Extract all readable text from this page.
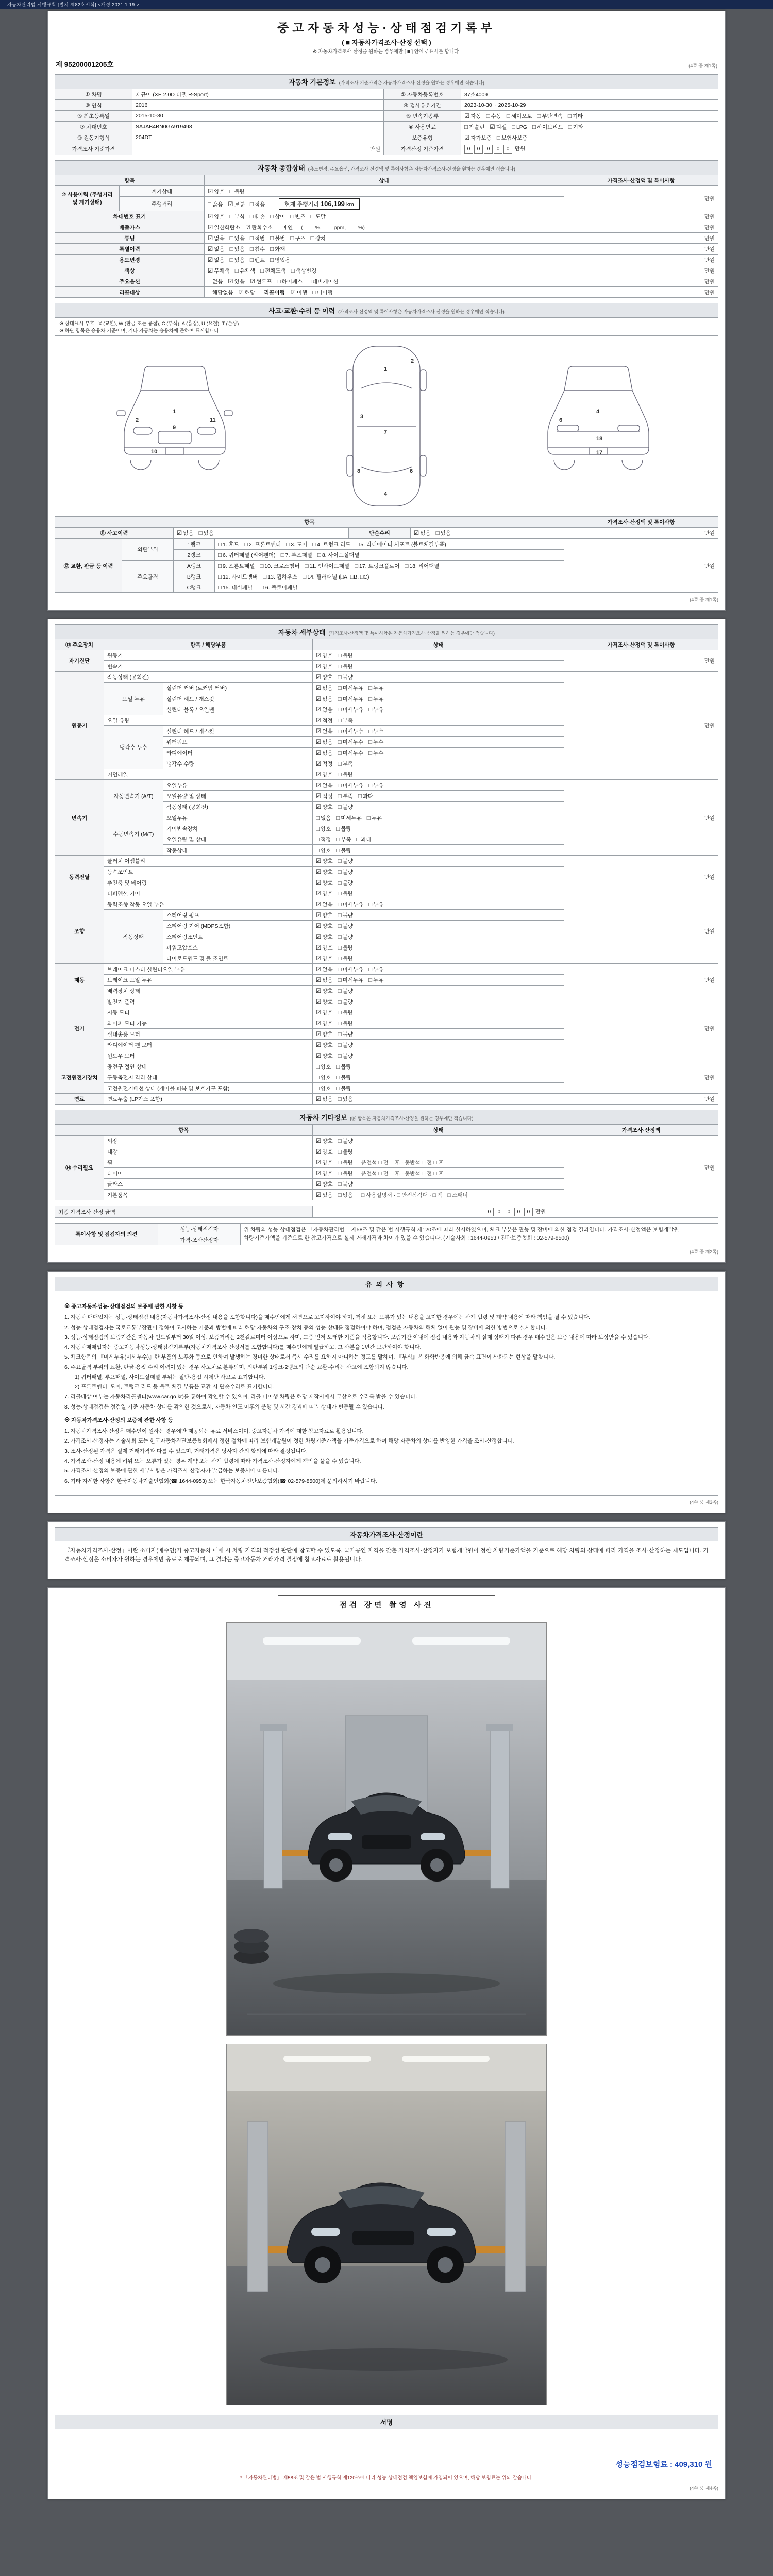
자동차관리법 시행규칙 [별지 제82호서식] <개정 2021.1.19.>
중고자동차성능·상태점검기록부
( ■ 자동차가격조사·산정 선택 )
※ 자동차가격조사·산정을 원하는 경우에만 [ ■ ] 안에 √ 표시를 합니다.
제 95200001205호	(4쪽 중 제1쪽)
자동차 기본정보 (가격조사 기준가격은 자동차가격조사·산정을 원하는 경우에만 적습니다)
① 차명	재규어 (XE 2.0D 디젤 R-Sport)	② 자동차등록번호	37소4009
③ 연식	2016	④ 검사유효기간	2023-10-30 ~ 2025-10-29
⑤ 최초등록일	2015-10-30	⑥ 변속기종류	☑ 자동 □ 수동 □ 세미오토 □ 무단변속 □ 기타
⑦ 차대번호	SAJAB4BN0GA919498	⑧ 사용연료	□ 가솔린 ☑ 디젤 □ LPG □ 하이브리드 □ 기타
⑨ 원동기형식	204DT	보증유형	☑ 자가보증 □ 보험사보증
가격조사 기준가격	만원	가격산정 기준가격	0 0 0 0 0 만원
자동차 종합상태 (용도변경, 주요옵션, 가격조사·산정액 및 특이사항은 자동차가격조사·산정을 원하는 경우에만 적습니다)
항목		상태	가격조사·산정액 및 특이사항
⑩ 사용이력 (주행거리 및 계기상태)	계기상태	☑ 양호 □ 불량	만원
	주행거리	□ 많음 ☑ 보통 □ 적음 현재 주행거리 106,199 km	
차대번호 표기		☑ 양호 □ 부식 □ 훼손 □ 상이 □ 변조 □ 도말	만원
배출가스		☑ 일산화탄소 ☑ 탄화수소 □ 매연 (　　 %,　　 ppm,　　 %)	만원
튜닝		☑ 없음 □ 있음 □ 적법 □ 불법 □ 구조 □ 장치	만원
특별이력		☑ 없음 □ 있음 □ 침수 □ 화재	만원
용도변경		☑ 없음 □ 있음 □ 렌트 □ 영업용	만원
색상		☑ 무채색 □ 유채색 □ 전체도색 □ 색상변경	만원
주요옵션		□ 없음 ☑ 있음 ☑ 썬루프 □ 하이패스 □ 네비게이션	만원
리콜대상		□ 해당없음 ☑ 해당 리콜이행 ☑ 이행 □ 미이행	만원
사고·교환·수리 등 이력 (가격조사·산정액 및 특이사항은 자동차가격조사·산정을 원하는 경우에만 적습니다)
※ 상태표시 부호 : X (교환), W (판금 또는 용접), C (부식), A (흠집), U (요철), T (손상)
※ 하단 항목은 승용차 기준이며, 기타 자동차는 승용차에 준하여 표시합니다.
1
2
9
10
11
1
2
3
7
6
8
4
4
6
18
17
항목				가격조사·산정액 및 특이사항
⑪ 사고이력	☑ 없음 □ 있음	단순수리	☑ 없음 □ 있음	만원
⑫ 교환, 판금 등 이력	외판부위	1랭크	□ 1. 후드 □ 2. 프론트펜더 □ 3. 도어 □ 4. 트렁크 리드 □ 5. 라디에이터 서포트 (볼트체결부품)	만원
		2랭크	□ 6. 쿼터패널 (리어펜더) □ 7. 루프패널 □ 8. 사이드실패널	
	주요골격	A랭크	□ 9. 프론트패널 □ 10. 크로스멤버 □ 11. 인사이드패널 □ 17. 트렁크플로어 □ 18. 리어패널	
		B랭크	□ 12. 사이드멤버 □ 13. 휠하우스 □ 14. 필러패널 (□A, □B, □C)	
		C랭크	□ 15. 대쉬패널 □ 16. 플로어패널	
(4쪽 중 제1쪽)
자동차 세부상태 (가격조사·산정액 및 특이사항은 자동차가격조사·산정을 원하는 경우에만 적습니다)
⑬ 주요장치	항목 / 해당부품		상태	가격조사·산정액 및 특이사항
자기진단	원동기		☑ 양호 □ 불량	만원
	변속기		☑ 양호 □ 불량	
원동기	작동상태 (공회전)		☑ 양호 □ 불량	만원
	오일 누유	실린더 커버 (로커암 커버)	☑ 없음 □ 미세누유 □ 누유	
		실린더 헤드 / 개스킷	☑ 없음 □ 미세누유 □ 누유	
		실린더 블록 / 오일팬	☑ 없음 □ 미세누유 □ 누유	
	오일 유량		☑ 적정 □ 부족	
	냉각수 누수	실린더 헤드 / 개스킷	☑ 없음 □ 미세누수 □ 누수	
		워터펌프	☑ 없음 □ 미세누수 □ 누수	
		라디에이터	☑ 없음 □ 미세누수 □ 누수	
		냉각수 수량	☑ 적정 □ 부족	
	커먼레일		☑ 양호 □ 불량	
변속기	자동변속기 (A/T)	오일누유	☑ 없음 □ 미세누유 □ 누유	만원
		오일유량 및 상태	☑ 적정 □ 부족 □ 과다	
		작동상태 (공회전)	☑ 양호 □ 불량	
	수동변속기 (M/T)	오일누유	□ 없음 □ 미세누유 □ 누유	
		기어변속장치	□ 양호 □ 불량	
		오일유량 및 상태	□ 적정 □ 부족 □ 과다	
		작동상태	□ 양호 □ 불량	
동력전달	클러치 어셈블리		☑ 양호 □ 불량	만원
	등속조인트		☑ 양호 □ 불량	
	추진축 및 베어링		☑ 양호 □ 불량	
	디퍼렌셜 기어		☑ 양호 □ 불량	
조향	동력조향 작동 오일 누유		☑ 없음 □ 미세누유 □ 누유	만원
	작동상태	스티어링 펌프	☑ 양호 □ 불량	
		스티어링 기어 (MDPS포함)	☑ 양호 □ 불량	
		스티어링조인트	☑ 양호 □ 불량	
		파워고압호스	☑ 양호 □ 불량	
		타이로드엔드 및 볼 조인트	☑ 양호 □ 불량	
제동	브레이크 마스터 실린더오일 누유		☑ 없음 □ 미세누유 □ 누유	만원
	브레이크 오일 누유		☑ 없음 □ 미세누유 □ 누유	
	배력장치 상태		☑ 양호 □ 불량	
전기	발전기 출력		☑ 양호 □ 불량	만원
	시동 모터		☑ 양호 □ 불량	
	와이퍼 모터 기능		☑ 양호 □ 불량	
	실내송풍 모터		☑ 양호 □ 불량	
	라디에이터 팬 모터		☑ 양호 □ 불량	
	윈도우 모터		☑ 양호 □ 불량	
고전원전기장치	충전구 절연 상태		□ 양호 □ 불량	만원
	구동축전지 격리 상태		□ 양호 □ 불량	
	고전원전기배선 상태 (케이블 피복 및 보호기구 포함)		□ 양호 □ 불량	
연료	연료누출 (LP가스 포함)		☑ 없음 □ 있음	만원
자동차 기타정보 (⑭ 항목은 자동차가격조사·산정을 원하는 경우에만 적습니다)
항목		상태	가격조사·산정액
⑭ 수리필요	외장	☑ 양호 □ 불량	만원
	내장	☑ 양호 □ 불량	
	휠	☑ 양호 □ 불량 운전석 □ 전 □ 후 · 동반석 □ 전 □ 후	
	타이어	☑ 양호 □ 불량 운전석 □ 전 □ 후 · 동반석 □ 전 □ 후	
	글라스	☑ 양호 □ 불량	
	기본품목	☑ 있음 □ 없음 □ 사용설명서 · □ 안전삼각대 · □ 잭 · □ 스패너	
최종 가격조사·산정 금액	0 0 0 0 0 만원
특이사항 및 점검자의 의견	성능·상태점검자	위 차량의 성능·상태점검은 「자동차관리법」 제58조 및 같은 법 시행규칙 제120조에 따라 실시하였으며, 체크 부분은 관능 및 장비에 의한 점검 결과입니다. 가격조사·산정액은 보험개발원 차량기준가액을 기준으로 한 참고가격으로 실제 거래가격과 차이가 있을 수 있습니다. (기술사회 : 1644-0953 / 진단보증협회 : 02-579-8500)
가격·조사산정자
(4쪽 중 제2쪽)
유의사항
※ 중고자동차성능·상태점검의 보증에 관한 사항 등
1. 자동차 매매업자는 성능·상태점검 내용(자동차가격조사·산정 내용을 포함합니다)을 매수인에게 서면으로 고지하여야 하며, 거짓 또는 오류가 있는 내용을 고지한 경우에는 관계 법령 및 계약 내용에 따라 책임을 질 수 있습니다.
2. 성능·상태점검자는 국토교통부장관이 정하여 고시하는 기준과 방법에 따라 해당 자동차의 구조·장치 등의 성능·상태를 점검하여야 하며, 점검은 자동차의 해체 없이 관능 및 장비에 의한 방법으로 실시합니다.
3. 성능·상태점검의 보증기간은 자동차 인도일부터 30일 이상, 보증거리는 2천킬로미터 이상으로 하며, 그중 먼저 도래한 기준을 적용합니다. 보증기간 이내에 점검 내용과 자동차의 실제 상태가 다른 경우 매수인은 보증 내용에 따라 보상받을 수 있습니다.
4. 자동차매매업자는 중고자동차성능·상태점검기록부(자동차가격조사·산정서를 포함합니다)를 매수인에게 발급하고, 그 사본을 1년간 보관하여야 합니다.
5. 체크항목의 『미세누유(미세누수)』란 부품의 노후화 등으로 인하여 발생하는 경미한 상태로서 즉시 수리를 요하지 아니하는 정도를 말하며, 『부식』은 화학반응에 의해 금속 표면이 산화되는 현상을 말합니다.
6. 주요골격 부위의 교환, 판금·용접 수리 이력이 있는 경우 사고차로 분류되며, 외판부위 1랭크·2랭크의 단순 교환·수리는 사고에 포함되지 않습니다.
1) 쿼터패널, 루프패널, 사이드실패널 부위는 절단·용접 시에만 사고로 표기합니다.
2) 프론트펜더, 도어, 트렁크 리드 등 볼트 체결 부품은 교환 시 단순수리로 표기합니다.
7. 리콜대상 여부는 자동차리콜센터(www.car.go.kr)를 통하여 확인할 수 있으며, 리콜 미이행 차량은 해당 제작사에서 무상으로 수리를 받을 수 있습니다.
8. 성능·상태점검은 점검일 기준 자동차 상태를 확인한 것으로서, 자동차 인도 이후의 운행 및 시간 경과에 따라 상태가 변동될 수 있습니다.
※ 자동차가격조사·산정의 보증에 관한 사항 등
1. 자동차가격조사·산정은 매수인이 원하는 경우에만 제공되는 유료 서비스이며, 중고자동차 가격에 대한 참고자료로 활용됩니다.
2. 가격조사·산정자는 기술사회 또는 한국자동차진단보증협회에서 정한 절차에 따라 보험개발원이 정한 차량기준가액을 기준가격으로 하여 해당 자동차의 상태를 반영한 가격을 조사·산정합니다.
3. 조사·산정된 가격은 실제 거래가격과 다를 수 있으며, 거래가격은 당사자 간의 합의에 따라 결정됩니다.
4. 가격조사·산정 내용에 허위 또는 오류가 있는 경우 계약 또는 관계 법령에 따라 가격조사·산정자에게 책임을 물을 수 있습니다.
5. 가격조사·산정의 보증에 관한 세부사항은 가격조사·산정자가 발급하는 보증서에 따릅니다.
6. 기타 자세한 사항은 한국자동차기술인협회(☎ 1644-0953) 또는 한국자동차진단보증협회(☎ 02-579-8500)에 문의하시기 바랍니다.
(4쪽 중 제3쪽)
자동차가격조사·산정이란
『자동차가격조사·산정』이란 소비자(매수인)가 중고자동차 매매 시 차량 가격의 적정성 판단에 참고할 수 있도록, 국가공인 자격을 갖춘 가격조사·산정자가 보험개발원이 정한 차량기준가액을 기준으로 해당 차량의 상태에 따라 가격을 조사·산정하는 제도입니다. 가격조사·산정은 소비자가 원하는 경우에만 유료로 제공되며, 그 결과는 중고자동차 거래가격 결정에 참고자료로 활용됩니다.
점검 장면 촬영 사진
서명
성능점검보험료 : 409,310 원
* 「자동차관리법」 제58조 및 같은 법 시행규칙 제120조에 따라 성능·상태점검 책임보험에 가입되어 있으며, 해당 보험료는 위와 같습니다.
(4쪽 중 제4쪽)
